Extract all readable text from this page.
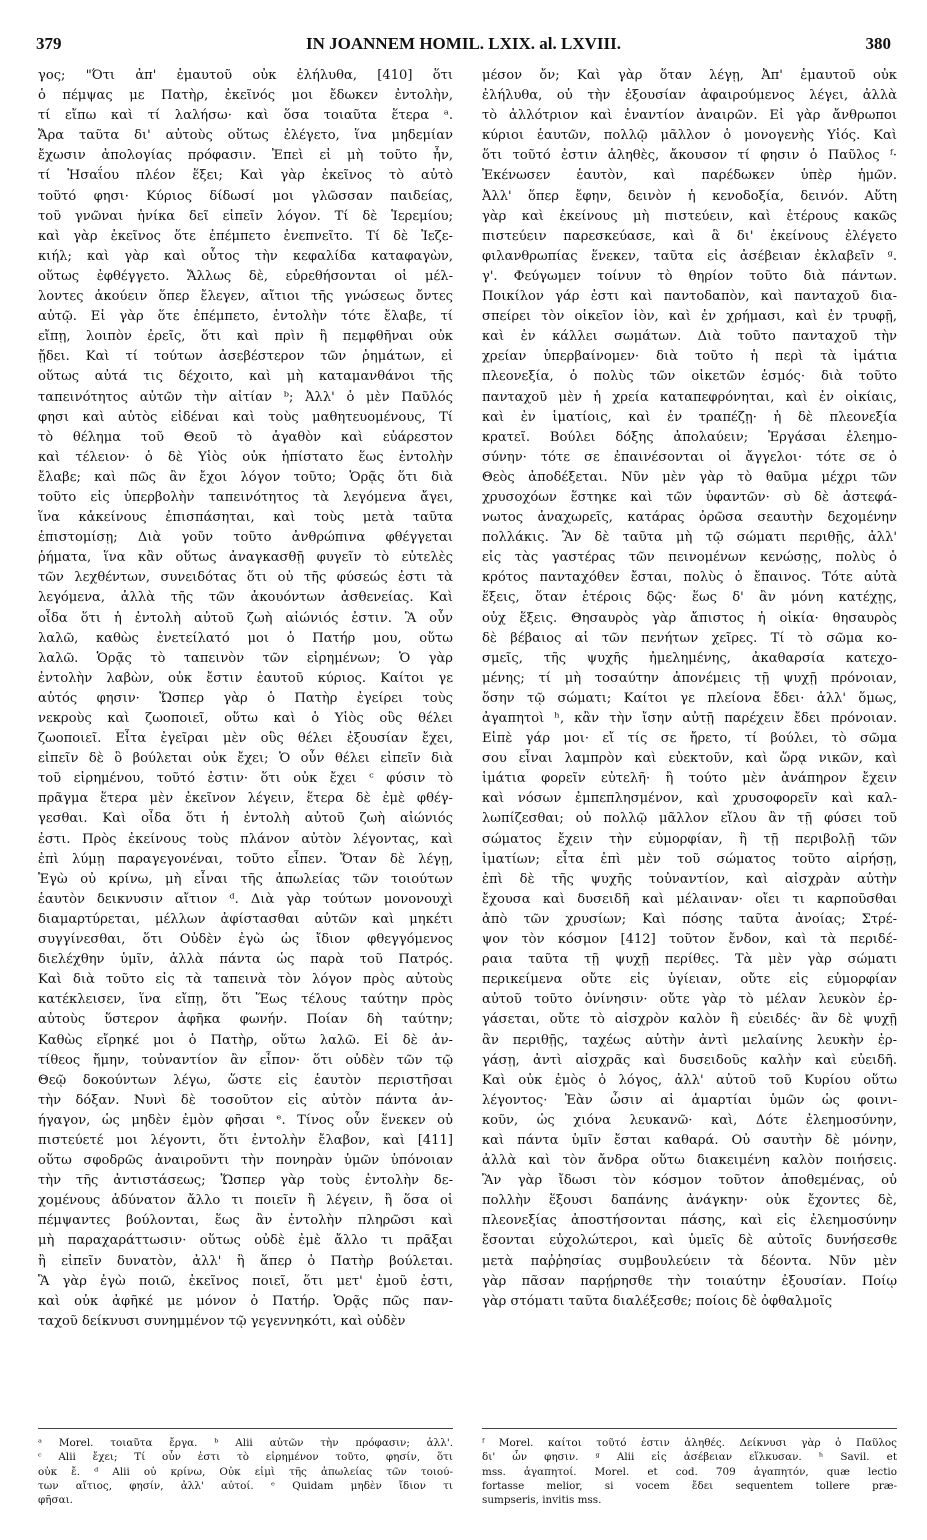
379	IN JOANNEM HOMIL. LXIX. al. LXVIII.	380
γος; "Ότι ἀπ' ἐμαυτοῦ οὐκ ἐλήλυθα, [410] ὅτι
ὁ πέμψας με Πατὴρ, ἐκεῖνός μοι ἔδωκεν ἐντολὴν,
τί εἴπω καὶ τί λαλήσω· καὶ ὅσα τοιαῦτα ἕτερα ᵃ.
Ἄρα ταῦτα δι' αὐτοὺς οὕτως ἐλέγετο, ἵνα μηδεμίαν
ἔχωσιν ἀπολογίας πρόφασιν. Ἐπεὶ εἰ μὴ τοῦτο ἦν,
τί Ἡσαΐου πλέον ἕξει; Καὶ γὰρ ἐκεῖνος τὸ αὐτὸ
τοῦτό φησι· Κύριος δίδωσί μοι γλῶσσαν παιδείας,
τοῦ γνῶναι ἡνίκα δεῖ εἰπεῖν λόγον. Τί δὲ Ἱερεμίου;
καὶ γὰρ ἐκεῖνος ὅτε ἐπέμπετο ἐνεπνεῖτο. Τί δὲ Ἰεζε-
κιήλ; καὶ γὰρ καὶ οὗτος τὴν κεφαλίδα καταφαγὼν,
οὕτως ἐφθέγγετο. Ἄλλως δὲ, εὑρεθήσονται οἱ μέλ-
λοντες ἀκούειν ὅπερ ἔλεγεν, αἴτιοι τῆς γνώσεως ὄντες
αὐτῷ. Εἰ γὰρ ὅτε ἐπέμπετο, ἐντολὴν τότε ἔλαβε, τί
εἴπῃ, λοιπὸν ἐρεῖς, ὅτι καὶ πρὶν ἢ πεμφθῆναι οὐκ
ᾔδει. Καὶ τί τούτων ἀσεβέστερον τῶν ῥημάτων, εἰ
οὕτως αὐτά τις δέχοιτο, καὶ μὴ καταμανθάνοι τῆς
ταπεινότητος αὐτῶν τὴν αἰτίαν ᵇ; Ἀλλ' ὁ μὲν Παῦλός
φησι καὶ αὐτὸς εἰδέναι καὶ τοὺς μαθητευομένους, Τί
τὸ θέλημα τοῦ Θεοῦ τὸ ἀγαθὸν καὶ εὐάρεστον
καὶ τέλειον· ὁ δὲ Υἱὸς οὐκ ἠπίστατο ἕως ἐντολὴν
ἔλαβε; καὶ πῶς ἂν ἔχοι λόγον τοῦτο; Ὁρᾷς ὅτι διὰ
τοῦτο εἰς ὑπερβολὴν ταπεινότητος τὰ λεγόμενα ἄγει,
ἵνα κἀκείνους ἐπισπάσηται, καὶ τοὺς μετὰ ταῦτα
ἐπιστομίσῃ; Διὰ γοῦν τοῦτο ἀνθρώπινα φθέγγεται
ῥήματα, ἵνα κἂν οὕτως ἀναγκασθῇ φυγεῖν τὸ εὐτελὲς
τῶν λεχθέντων, συνειδότας ὅτι οὐ τῆς φύσεώς ἐστι τὰ
λεγόμενα, ἀλλὰ τῆς τῶν ἀκουόντων ἀσθενείας. Καὶ
οἶδα ὅτι ἡ ἐντολὴ αὐτοῦ ζωὴ αἰώνιός ἐστιν. Ἃ οὖν
λαλῶ, καθὼς ἐνετείλατό μοι ὁ Πατήρ μου, οὕτω
λαλῶ. Ὁρᾷς τὸ ταπεινὸν τῶν εἰρημένων; Ὁ γὰρ
ἐντολὴν λαβὼν, οὐκ ἔστιν ἑαυτοῦ κύριος. Καίτοι γε
αὐτός φησιν· Ὥσπερ γὰρ ὁ Πατὴρ ἐγείρει τοὺς
νεκροὺς καὶ ζωοποιεῖ, οὕτω καὶ ὁ Υἱὸς οὓς θέλει
ζωοποιεῖ. Εἶτα ἐγεῖραι μὲν οὓς θέλει ἐξουσίαν ἔχει,
εἰπεῖν δὲ ὃ βούλεται οὐκ ἔχει; Ὁ οὖν θέλει εἰπεῖν διὰ
τοῦ εἰρημένου, τοῦτό ἐστιν· ὅτι οὐκ ἔχει ᶜ φύσιν τὸ
πρᾶγμα ἕτερα μὲν ἐκεῖνον λέγειν, ἕτερα δὲ ἐμὲ φθέγ-
γεσθαι. Καὶ οἶδα ὅτι ἡ ἐντολὴ αὐτοῦ ζωὴ αἰώνιός
ἐστι. Πρὸς ἐκείνους τοὺς πλάνον αὐτὸν λέγοντας, καὶ
ἐπὶ λύμῃ παραγεγονέναι, τοῦτο εἶπεν. Ὅταν δὲ λέγῃ,
Ἐγὼ οὐ κρίνω, μὴ εἶναι τῆς ἀπωλείας τῶν τοιούτων
ἑαυτὸν δεικνυσιν αἴτιον ᵈ. Διὰ γὰρ τούτων μονονουχὶ
διαμαρτύρεται, μέλλων ἀφίστασθαι αὐτῶν καὶ μηκέτι
συγγίνεσθαι, ὅτι Οὐδὲν ἐγὼ ὡς ἴδιον φθεγγόμενος
διελέχθην ὑμῖν, ἀλλὰ πάντα ὡς παρὰ τοῦ Πατρός.
Καὶ διὰ τοῦτο εἰς τὰ ταπεινὰ τὸν λόγον πρὸς αὐτοὺς
κατέκλεισεν, ἵνα εἴπῃ, ὅτι Ἕως τέλους ταύτην πρὸς
αὐτοὺς ὕστερον ἀφῆκα φωνήν. Ποίαν δὴ ταύτην;
Καθὼς εἴρηκέ μοι ὁ Πατὴρ, οὕτω λαλῶ. Εἰ δὲ ἀν-
τίθεος ἤμην, τοὐναντίον ἂν εἶπον· ὅτι οὐδὲν τῶν τῷ
Θεῷ δοκούντων λέγω, ὥστε εἰς ἑαυτὸν περιστῆσαι
τὴν δόξαν. Νυνὶ δὲ τοσοῦτον εἰς αὐτὸν πάντα ἀν-
ήγαγον, ὡς μηδὲν ἐμὸν φῆσαι ᵉ. Τίνος οὖν ἕνεκεν οὐ
πιστεύετέ μοι λέγοντι, ὅτι ἐντολὴν ἔλαβον, καὶ [411]
οὕτω σφοδρῶς ἀναιροῦντι τὴν πονηρὰν ὑμῶν ὑπόνοιαν
τὴν τῆς ἀντιστάσεως; Ὥσπερ γὰρ τοὺς ἐντολὴν δε-
χομένους ἀδύνατον ἄλλο τι ποιεῖν ἢ λέγειν, ἢ ὅσα οἱ
πέμψαντες βούλονται, ἕως ἂν ἐντολὴν πληρῶσι καὶ
μὴ παραχαράττωσιν· οὕτως οὐδὲ ἐμὲ ἄλλο τι πρᾶξαι
ἢ εἰπεῖν δυνατὸν, ἀλλ' ἢ ἅπερ ὁ Πατὴρ βούλεται.
Ἃ γὰρ ἐγὼ ποιῶ, ἐκεῖνος ποιεῖ, ὅτι μετ' ἐμοῦ ἐστι,
καὶ οὐκ ἀφῆκέ με μόνον ὁ Πατήρ. Ὁρᾷς πῶς παν-
ταχοῦ δείκνυσι συνημμένον τῷ γεγεννηκότι, καὶ οὐδὲν
μέσον ὄν; Καὶ γὰρ ὅταν λέγῃ, Ἀπ' ἐμαυτοῦ οὐκ
ἐλήλυθα, οὐ τὴν ἐξουσίαν ἀφαιρούμενος λέγει, ἀλλὰ
τὸ ἀλλότριον καὶ ἐναντίον ἀναιρῶν. Εἰ γὰρ ἄνθρωποι
κύριοι ἑαυτῶν, πολλῷ μᾶλλον ὁ μονογενὴς Υἱός. Καὶ
ὅτι τοῦτό ἐστιν ἀληθὲς, ἄκουσον τί φησιν ὁ Παῦλος ᶠ·
Ἐκένωσεν ἑαυτὸν, καὶ παρέδωκεν ὑπὲρ ἡμῶν.
Ἀλλ' ὅπερ ἔφην, δεινὸν ἡ κενοδοξία, δεινόν. Αὕτη
γὰρ καὶ ἐκείνους μὴ πιστεύειν, καὶ ἑτέρους κακῶς
πιστεύειν παρεσκεύασε, καὶ ἃ δι' ἐκείνους ἐλέγετο
φιλανθρωπίας ἕνεκεν, ταῦτα εἰς ἀσέβειαν ἐκλαβεῖν ᵍ.
γ'. Φεύγωμεν τοίνυν τὸ θηρίον τοῦτο διὰ πάντων.
Ποικίλον γάρ ἐστι καὶ παντοδαπὸν, καὶ πανταχοῦ δια-
σπείρει τὸν οἰκεῖον ἰὸν, καὶ ἐν χρήμασι, καὶ ἐν τρυφῇ,
καὶ ἐν κάλλει σωμάτων. Διὰ τοῦτο πανταχοῦ τὴν
χρείαν ὑπερβαίνομεν· διὰ τοῦτο ἡ περὶ τὰ ἱμάτια
πλεονεξία, ὁ πολὺς τῶν οἰκετῶν ἑσμός· διὰ τοῦτο
πανταχοῦ μὲν ἡ χρεία καταπεφρόνηται, καὶ ἐν οἰκίαις,
καὶ ἐν ἱματίοις, καὶ ἐν τραπέζῃ· ἡ δὲ πλεονεξία
κρατεῖ. Βούλει δόξης ἀπολαύειν; Ἐργάσαι ἐλεημο-
σύνην· τότε σε ἐπαινέσονται οἱ ἄγγελοι· τότε σε ὁ
Θεὸς ἀποδέξεται. Νῦν μὲν γὰρ τὸ θαῦμα μέχρι τῶν
χρυσοχόων ἕστηκε καὶ τῶν ὑφαντῶν· σὺ δὲ ἀστεφά-
νωτος ἀναχωρεῖς, κατάρας ὀρῶσα σεαυτὴν δεχομένην
πολλάκις. Ἂν δὲ ταῦτα μὴ τῷ σώματι περιθῇς, ἀλλ'
εἰς τὰς γαστέρας τῶν πεινομένων κενώσῃς, πολὺς ὁ
κρότος πανταχόθεν ἔσται, πολὺς ὁ ἔπαινος. Τότε αὐτὰ
ἕξεις, ὅταν ἑτέροις δῷς· ἕως δ' ἂν μόνη κατέχῃς,
οὐχ ἕξεις. Θησαυρὸς γὰρ ἄπιστος ἡ οἰκία· θησαυρὸς
δὲ βέβαιος αἱ τῶν πενήτων χεῖρες. Τί τὸ σῶμα κο-
σμεῖς, τῆς ψυχῆς ἠμελημένης, ἀκαθαρσία κατεχο-
μένης; τί μὴ τοσαύτην ἀπονέμεις τῇ ψυχῇ πρόνοιαν,
ὅσην τῷ σώματι; Καίτοι γε πλείονα ἔδει· ἀλλ' ὅμως,
ἀγαπητοὶ ʰ, κἂν τὴν ἴσην αὐτῇ παρέχειν ἔδει πρόνοιαν.
Εἰπὲ γάρ μοι· εἴ τίς σε ἤρετο, τί βούλει, τὸ σῶμα
σου εἶναι λαμπρὸν καὶ εὐεκτοῦν, καὶ ὥρᾳ νικῶν, καὶ
ἱμάτια φορεῖν εὐτελῆ· ἢ τούτο μὲν ἀνάπηρον ἔχειν
καὶ νόσων ἐμπεπλησμένον, καὶ χρυσοφορεῖν καὶ καλ-
λωπίζεσθαι; οὐ πολλῷ μᾶλλον εἵλου ἂν τῇ φύσει τοῦ
σώματος ἔχειν τὴν εὐμορφίαν, ἢ τῇ περιβολῇ τῶν
ἱματίων; εἶτα ἐπὶ μὲν τοῦ σώματος τοῦτο αἱρήσῃ,
ἐπὶ δὲ τῆς ψυχῆς τοὐναντίον, καὶ αἰσχρὰν αὐτὴν
ἔχουσα καὶ δυσειδῆ καὶ μέλαιναν· οἴει τι καρποῦσθαι
ἀπὸ τῶν χρυσίων; Καὶ πόσης ταῦτα ἀνοίας; Στρέ-
ψον τὸν κόσμον [412] τοῦτον ἔνδον, καὶ τὰ περιδέ-
ραια ταῦτα τῇ ψυχῇ περίθες. Τὰ μὲν γὰρ σώματι
περικείμενα οὔτε εἰς ὑγίειαν, οὔτε εἰς εὐμορφίαν
αὐτοῦ τοῦτο ὀνίνησιν· οὔτε γὰρ τὸ μέλαν λευκὸν ἐρ-
γάσεται, οὔτε τὸ αἰσχρὸν καλὸν ἢ εὐειδές· ἂν δὲ ψυχῇ
ἂν περιθῇς, ταχέως αὐτὴν ἀντὶ μελαίνης λευκὴν ἐρ-
γάσῃ, ἀντὶ αἰσχρᾶς καὶ δυσειδοῦς καλὴν καὶ εὐειδῆ.
Καὶ οὐκ ἐμὸς ὁ λόγος, ἀλλ' αὐτοῦ τοῦ Κυρίου οὕτω
λέγοντος· Ἐὰν ὦσιν αἱ ἁμαρτίαι ὑμῶν ὡς φοινι-
κοῦν, ὡς χιόνα λευκανῶ· καὶ, Δότε ἐλεημοσύνην,
καὶ πάντα ὑμῖν ἔσται καθαρά. Οὐ σαυτὴν δὲ μόνην,
ἀλλὰ καὶ τὸν ἄνδρα οὕτω διακειμένη καλὸν ποιήσεις.
Ἂν γὰρ ἴδωσι τὸν κόσμον τοῦτον ἀποθεμένας, οὐ
πολλὴν ἕξουσι δαπάνης ἀνάγκην· οὐκ ἔχοντες δὲ,
πλεονεξίας ἀποστήσονται πάσης, καὶ εἰς ἐλεημοσύνην
ἔσονται εὐχολώτεροι, καὶ ὑμεῖς δὲ αὐτοῖς δυνήσεσθε
μετὰ παῤῥησίας συμβουλεύειν τὰ δέοντα. Νῦν μὲν
γὰρ πᾶσαν παρῄρησθε τὴν τοιαύτην ἐξουσίαν. Ποίῳ
γὰρ στόματι ταῦτα διαλέξεσθε; ποίοις δὲ ὀφθαλμοῖς
ᵃ Morel. τοιαῦτα ἔργα. ᵇ Alii αὐτῶν τὴν πρόφασιν; ἀλλ'.
ᶜ Alii ἔχει; Τί οὖν ἐστι τὸ εἰρημένον τοῦτο, φησίν, ὅτι
οὐκ ἔ. ᵈ Alii οὐ κρίνω, Οὐκ εἰμὶ τῆς ἀπωλείας τῶν τοιού-
των αἴτιος, φησίν, ἀλλ' αὐτοί. ᵉ Quidam μηδὲν ἴδιον τι
φῆσαι.
ᶠ Morel. καίτοι τοῦτό ἐστιν ἀληθές. Δείκνυσι γὰρ ὁ Παῦλος
δι' ὧν φησιν. ᵍ Alii εἰς ἀσέβειαν εἵλκυσαν. ʰ Savil. et
mss. ἀγαπητοί. Morel. et cod. 709 ἀγαπητόν, quæ lectio
fortasse melior, si vocem ἔδει sequentem tollere præ-
sumpseris, invitis mss.
